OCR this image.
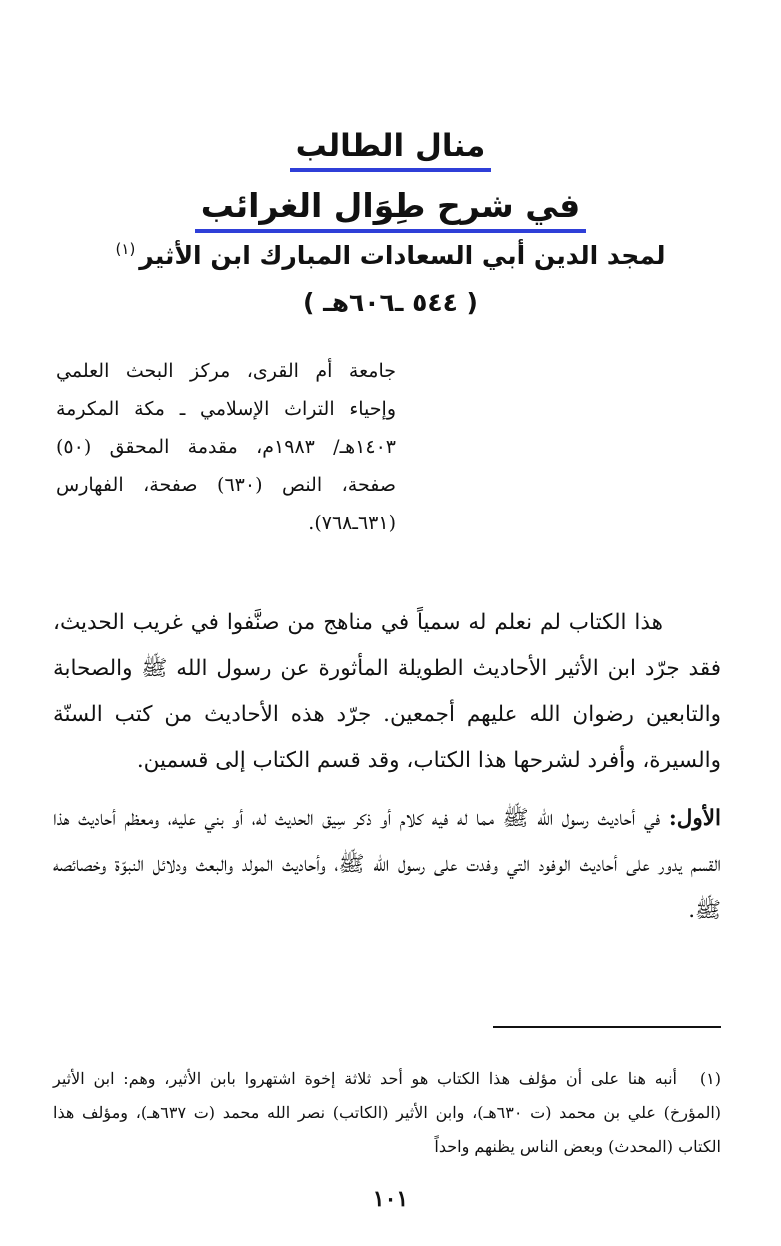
منال الطالب
في شرح طِوَال الغرائب
لمجد الدين أبي السعادات المبارك ابن الأثير$^{(١)}$
( ٥٤٤ ـ٦٠٦هـ )
جامعة أم القرى، مركز البحث العلمي وإحياء التراث الإسلامي ـ مكة المكرمة ١٤٠٣هـ/ ١٩٨٣م، مقدمة المحقق (٥٠) صفحة، النص (٦٣٠) صفحة، الفهارس (٦٣١ـ٧٦٨).

هذا الكتاب لم نعلم له سمياً في مناهج من صنَّفوا في غريب الحديث، فقد جرّد ابن الأثير الأحاديث الطويلة المأثورة عن رسول الله ﷺ والصحابة والتابعين رضوان الله عليهم أجمعين. جرّد هذه الأحاديث من كتب السنّة والسيرة، وأفرد لشرحها هذا الكتاب، وقد قسم الكتاب إلى قسمين.

الأول: في أحاديث رسول الله ﷺ مما له فيه كلام أو ذكر سِيق الحديث له، أو بني عليه، ومعظم أحاديث هذا القسم يدور على أحاديث الوفود التي وفدت على رسول الله ﷺ، وأحاديث المولد والبعث ودلائل النبوّة وخصائصه ﷺ.

(١)أنبه هنا على أن مؤلف هذا الكتاب هو أحد ثلاثة إخوة اشتهروا بابن الأثير، وهم: ابن الأثير (المؤرخ) علي بن محمد (ت ٦٣٠هـ)، وابن الأثير (الكاتب) نصر الله محمد (ت ٦٣٧هـ)، ومؤلف هذا الكتاب (المحدث) وبعض الناس يظنهم واحداً
١٠١
